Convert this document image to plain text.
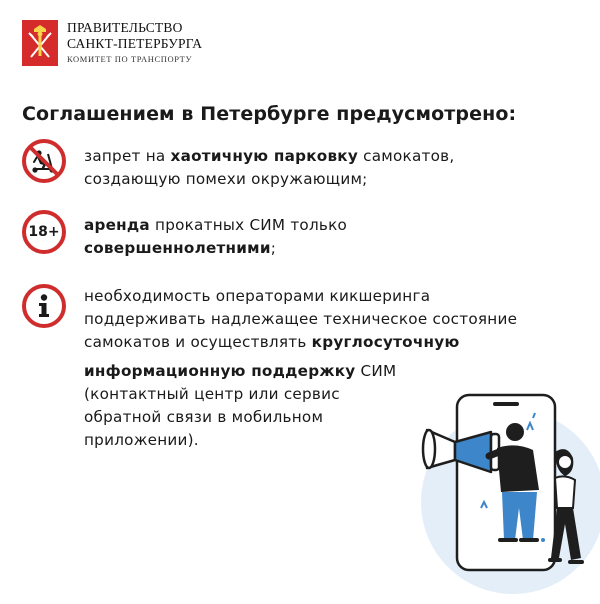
ПРАВИТЕЛЬСТВО
САНКТ-ПЕТЕРБУРГА
КОМИТЕТ ПО ТРАНСПОРТУ
Соглашением в Петербурге предусмотрено:
запрет на хаотичную парковку самокатов,
создающую помехи окружающим;
18+ аренда прокатных СИМ только
совершеннолетними;
необходимость операторами кикшеринга
поддерживать надлежащее техническое состояние
самокатов и осуществлять круглосуточную
информационную поддержку СИМ
(контактный центр или сервис
обратной связи в мобильном
приложении).
